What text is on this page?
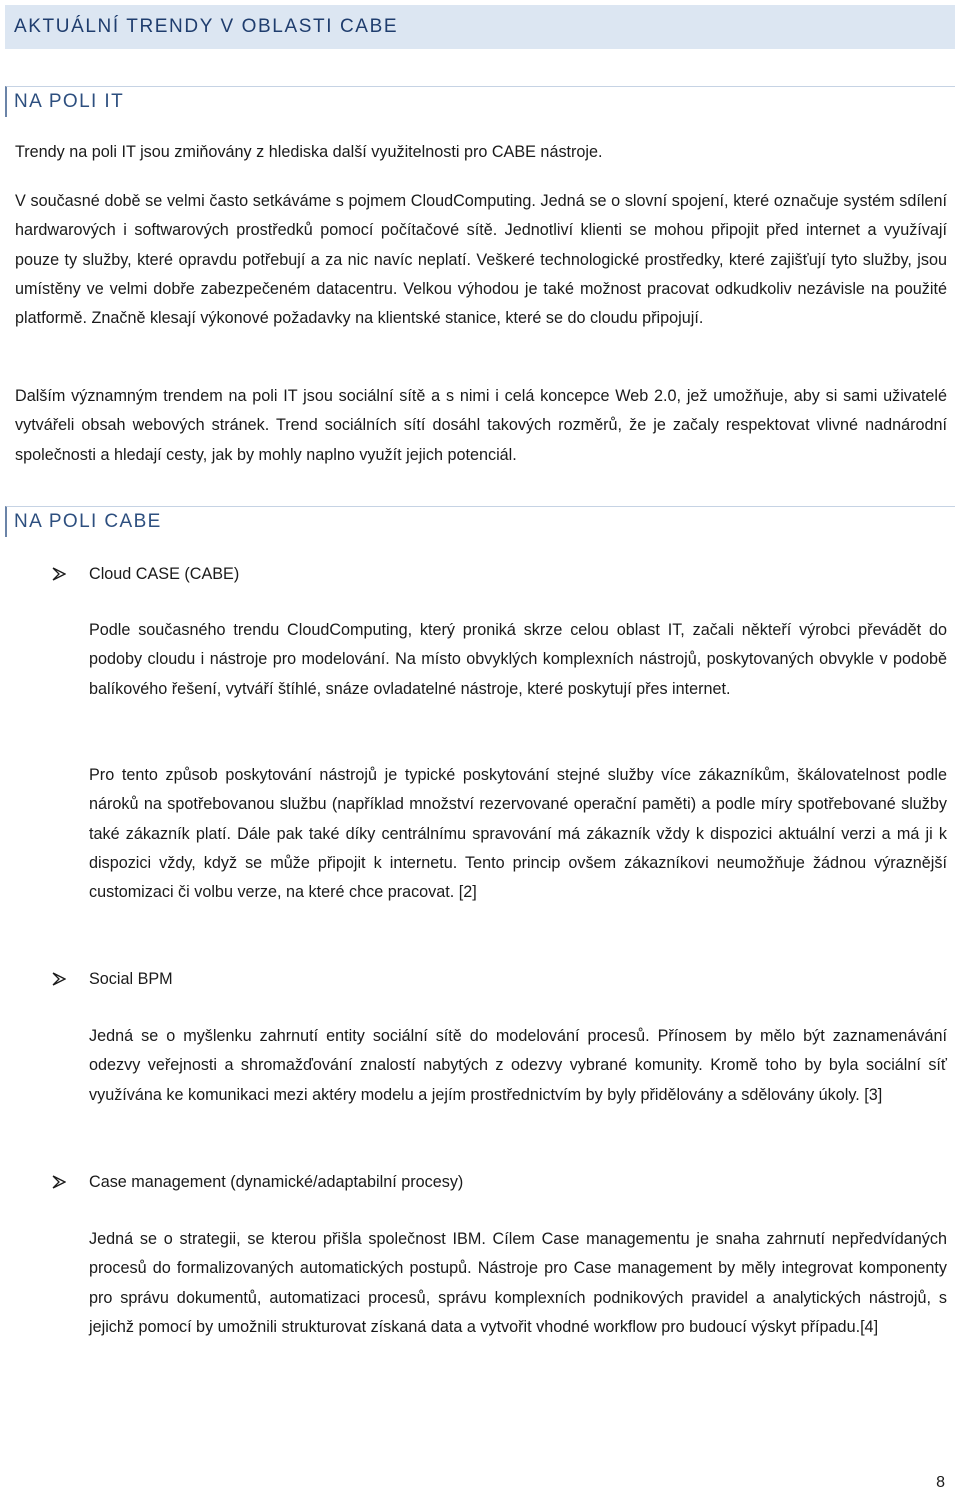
AKTUÁLNÍ TRENDY V OBLASTI CABE
NA POLI IT

Trendy na poli IT jsou zmiňovány z hlediska další využitelnosti pro CABE nástroje.

V současné době se velmi často setkáváme s pojmem CloudComputing. Jedná se o slovní spojení, které označuje systém sdílení hardwarových i softwarových prostředků pomocí počítačové sítě. Jednotliví klienti se mohou připojit před internet a využívají pouze ty služby, které opravdu potřebují a za nic navíc neplatí. Veškeré technologické prostředky, které zajišťují tyto služby, jsou umístěny ve velmi dobře zabezpečeném datacentru. Velkou výhodou je také možnost pracovat odkudkoliv nezávisle na použité platformě. Značně klesají výkonové požadavky na klientské stanice, které se do cloudu připojují.

Dalším významným trendem na poli IT jsou sociální sítě a s nimi i celá koncepce Web 2.0, jež umožňuje, aby si sami uživatelé vytvářeli obsah webových stránek. Trend sociálních sítí dosáhl takových rozměrů, že je začaly respektovat vlivné nadnárodní společnosti a hledají cesty, jak by mohly naplno využít jejich potenciál.

NA POLI CABE
Cloud CASE (CABE)

Podle současného trendu CloudComputing, který proniká skrze celou oblast IT, začali někteří výrobci převádět do podoby cloudu i nástroje pro modelování. Na místo obvyklých komplexních nástrojů, poskytovaných obvykle v podobě balíkového řešení, vytváří štíhlé, snáze ovladatelné nástroje, které poskytují přes internet.

Pro tento způsob poskytování nástrojů je typické poskytování stejné služby více zákazníkům, škálovatelnost podle nároků na spotřebovanou službu (například množství rezervované operační paměti) a podle míry spotřebované služby také zákazník platí. Dále pak také díky centrálnímu spravování má zákazník vždy k dispozici aktuální verzi a má ji k dispozici vždy, když se může připojit k internetu. Tento princip ovšem zákazníkovi neumožňuje žádnou výraznější customizaci či volbu verze, na které chce pracovat. [2]

Social BPM

Jedná se o myšlenku zahrnutí entity sociální sítě do modelování procesů. Přínosem by mělo být zaznamenávání odezvy veřejnosti a shromažďování znalostí nabytých z odezvy vybrané komunity. Kromě toho by byla sociální síť využívána ke komunikaci mezi aktéry modelu a jejím prostřednictvím by byly přidělovány a sdělovány úkoly. [3]

Case management (dynamické/adaptabilní procesy)

Jedná se o strategii, se kterou přišla společnost IBM. Cílem Case managementu je snaha zahrnutí nepředvídaných procesů do formalizovaných automatických postupů. Nástroje pro Case management by měly integrovat komponenty pro správu dokumentů, automatizaci procesů, správu komplexních podnikových pravidel a analytických nástrojů, s jejichž pomocí by umožnili strukturovat získaná data a vytvořit vhodné workflow pro budoucí výskyt případu.[4]

8
